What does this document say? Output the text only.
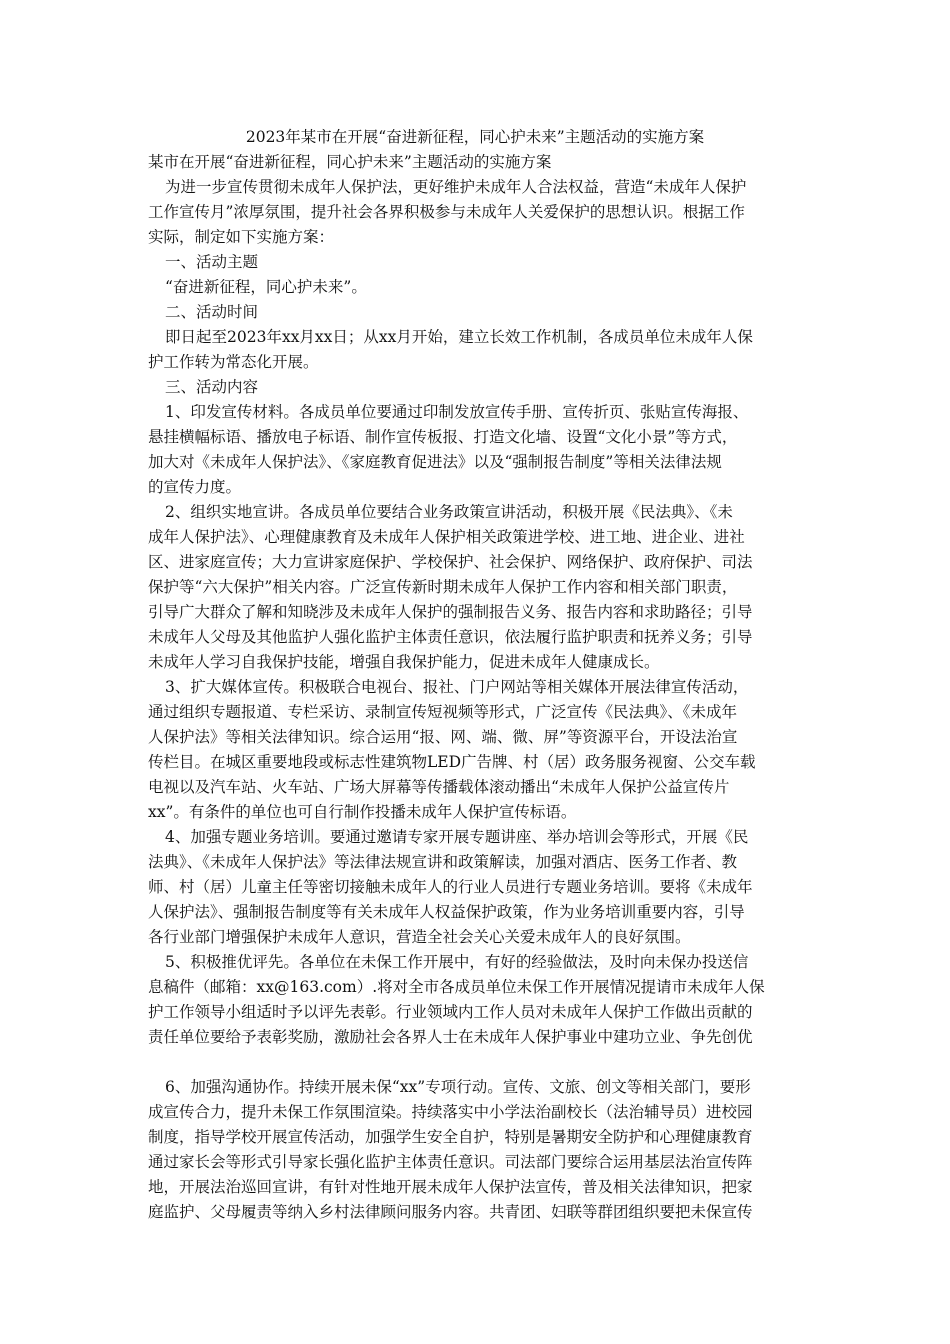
2023年某市在开展“奋进新征程，同心护未来”主题活动的实施方案
某市在开展“奋进新征程，同心护未来”主题活动的实施方案
为进一步宣传贯彻未成年人保护法，更好维护未成年人合法权益，营造“未成年人保护
工作宣传月”浓厚氛围，提升社会各界积极参与未成年人关爱保护的思想认识。根据工作
实际，制定如下实施方案：
一、活动主题
“奋进新征程，同心护未来”。
二、活动时间
即日起至2023年xx月xx日；从xx月开始，建立长效工作机制，各成员单位未成年人保
护工作转为常态化开展。
三、活动内容
1、印发宣传材料。各成员单位要通过印制发放宣传手册、宣传折页、张贴宣传海报、
悬挂横幅标语、播放电子标语、制作宣传板报、打造文化墙、设置“文化小景”等方式，
加大对《未成年人保护法》、《家庭教育促进法》以及“强制报告制度”等相关法律法规
的宣传力度。
2、组织实地宣讲。各成员单位要结合业务政策宣讲活动，积极开展《民法典》、《未
成年人保护法》、心理健康教育及未成年人保护相关政策进学校、进工地、进企业、进社
区、进家庭宣传；大力宣讲家庭保护、学校保护、社会保护、网络保护、政府保护、司法
保护等“六大保护”相关内容。广泛宣传新时期未成年人保护工作内容和相关部门职责，
引导广大群众了解和知晓涉及未成年人保护的强制报告义务、报告内容和求助路径；引导
未成年人父母及其他监护人强化监护主体责任意识，依法履行监护职责和抚养义务；引导
未成年人学习自我保护技能，增强自我保护能力，促进未成年人健康成长。
3、扩大媒体宣传。积极联合电视台、报社、门户网站等相关媒体开展法律宣传活动，
通过组织专题报道、专栏采访、录制宣传短视频等形式，广泛宣传《民法典》、《未成年
人保护法》等相关法律知识。综合运用“报、网、端、微、屏”等资源平台，开设法治宣
传栏目。在城区重要地段或标志性建筑物LED广告牌、村（居）政务服务视窗、公交车载
电视以及汽车站、火车站、广场大屏幕等传播载体滚动播出“未成年人保护公益宣传片
xx”。有条件的单位也可自行制作投播未成年人保护宣传标语。
4、加强专题业务培训。要通过邀请专家开展专题讲座、举办培训会等形式，开展《民
法典》、《未成年人保护法》等法律法规宣讲和政策解读，加强对酒店、医务工作者、教
师、村（居）儿童主任等密切接触未成年人的行业人员进行专题业务培训。要将《未成年
人保护法》、强制报告制度等有关未成年人权益保护政策，作为业务培训重要内容，引导
各行业部门增强保护未成年人意识，营造全社会关心关爱未成年人的良好氛围。
5、积极推优评先。各单位在未保工作开展中，有好的经验做法，及时向未保办投送信
息稿件（邮箱：xx@163.com）.将对全市各成员单位未保工作开展情况提请市未成年人保
护工作领导小组适时予以评先表彰。行业领域内工作人员对未成年人保护工作做出贡献的
责任单位要给予表彰奖励，激励社会各界人士在未成年人保护事业中建功立业、争先创优
6、加强沟通协作。持续开展未保“xx”专项行动。宣传、文旅、创文等相关部门，要形
成宣传合力，提升未保工作氛围渲染。持续落实中小学法治副校长（法治辅导员）进校园
制度，指导学校开展宣传活动，加强学生安全自护，特别是暑期安全防护和心理健康教育
通过家长会等形式引导家长强化监护主体责任意识。司法部门要综合运用基层法治宣传阵
地，开展法治巡回宣讲，有针对性地开展未成年人保护法宣传，普及相关法律知识，把家
庭监护、父母履责等纳入乡村法律顾问服务内容。共青团、妇联等群团组织要把未保宣传
